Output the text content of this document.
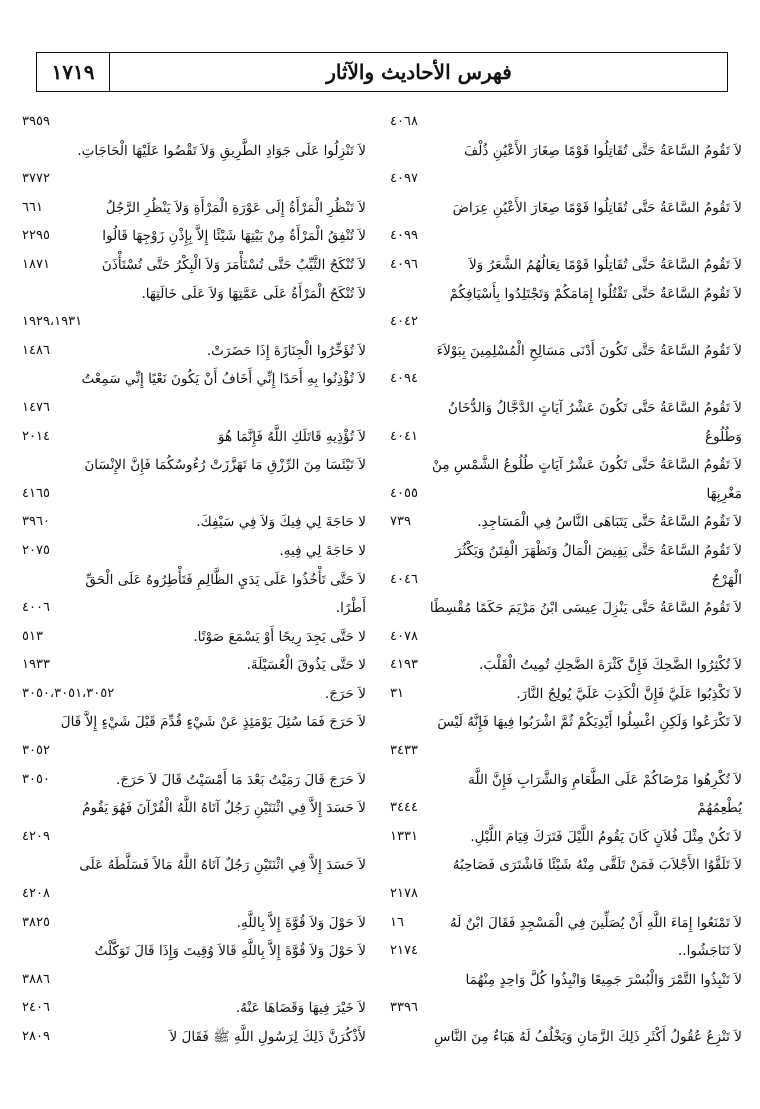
١٧١٩	فهرس الأحاديث والآثار
٤٠٦٨
لاَ تَقُومُ السَّاعَةُ حَتَّى تُقَاتِلُوا قَوْمًا صِغَارَ الأَعْيُنِ ذُلْفَ
٤٠٩٧
لاَ تَقُومُ السَّاعَةُ حَتَّى تُقَاتِلُوا قَوْمًا صِغَارَ الأَعْيُنِ عِرَاضَ
٤٠٩٩
لاَ تَقُومُ السَّاعَةُ حَتَّى تُقَاتِلُوا قَوْمًا نِعَالُهُمُ الشَّعَرُ وَلاَ
٤٠٩٦
لاَ تَقُومُ السَّاعَةُ حَتَّى تَقْتُلُوا إِمَامَكُمْ وَتَجْتَلِدُوا بِأَسْيَافِكُمْ
٤٠٤٢
لاَ تَقُومُ السَّاعَةُ حَتَّى تَكُونَ أَدْنَى مَسَالِحِ الْمُسْلِمِينَ بِبَوْلاَءَ
٤٠٩٤
لاَ تَقُومُ السَّاعَةُ حَتَّى تَكُونَ عَشْرُ آيَاتٍ الدَّجَّالُ وَالدُّخَانُ
وَطُلُوعُ
٤٠٤١
لاَ تَقُومُ السَّاعَةُ حَتَّى تَكُونَ عَشْرُ آيَاتٍ طُلُوعُ الشَّمْسِ مِنْ
مَغْرِبِهَا
٤٠٥٥
لاَ تَقُومُ السَّاعَةُ حَتَّى يَتَبَاهَى النَّاسُ فِي الْمَسَاجِدِ.
٧٣٩
لاَ تَقُومُ السَّاعَةُ حَتَّى يَفِيضَ الْمَالُ وَتَظْهَرَ الْفِتَنُ وَيَكْثُرَ
الْهَرْجُ
٤٠٤٦
لاَ تَقُومُ السَّاعَةُ حَتَّى يَنْزِلَ عِيسَى ابْنُ مَرْيَمَ حَكَمًا مُقْسِطًا
٤٠٧٨
لاَ تُكْثِرُوا الضَّحِكَ فَإِنَّ كَثْرَةَ الضَّحِكِ تُمِيتُ الْقَلْبَ.
٤١٩٣
لاَ تَكْذِبُوا عَلَيَّ فَإِنَّ الْكَذِبَ عَلَيَّ يُولِجُ النَّارَ.
٣١
لاَ تَكْرَعُوا وَلَكِنِ اغْسِلُوا أَيْدِيَكُمْ ثُمَّ اشْرَبُوا فِيهَا فَإِنَّهُ لَيْسَ
٣٤٣٣
لاَ تُكْرِهُوا مَرْضَاكُمْ عَلَى الطَّعَامِ وَالشَّرَابِ فَإِنَّ اللَّهَ
يُطْعِمُهُمْ
٣٤٤٤
لاَ تَكُنْ مِثْلَ فُلاَنٍ كَانَ يَقُومُ اللَّيْلَ فَتَرَكَ قِيَامَ اللَّيْلِ.
١٣٣١
لاَ تَلَقَّوُا الأَجْلاَبَ فَمَنْ تَلَقَّى مِنْهُ شَيْئًا فَاشْتَرَى فَصَاحِبُهُ
٢١٧٨
لاَ تَمْنَعُوا إِمَاءَ اللَّهِ أَنْ يُصَلِّينَ فِي الْمَسْجِدِ فَقَالَ ابْنٌ لَهُ
١٦
لاَ تَنَاجَشُوا..
٢١٧٤
لاَ تَنْبِذُوا التَّمْرَ وَالْبُسْرَ جَمِيعًا وَانْبِذُوا كُلَّ وَاحِدٍ مِنْهُمَا
٣٣٩٦
لاَ تَنْزِعُ عُقُولُ أَكْثَرِ ذَلِكَ الزَّمَانِ وَيَخْلُفُ لَهُ هَبَاءٌ مِنَ النَّاسِ
٣٩٥٩
لاَ تَنْزِلُوا عَلَى جَوَادِ الطَّرِيقِ وَلاَ تَقْضُوا عَلَيْهَا الْحَاجَاتِ.
٣٧٧٢
لاَ تَنْظُرِ الْمَرْأَةُ إِلَى عَوْرَةِ الْمَرْأَةِ وَلاَ يَنْظُرِ الرَّجُلُ
٦٦١
لاَ تُنْفِقُ الْمَرْأَةُ مِنْ بَيْتِهَا شَيْئًا إِلاَّ بِإِذْنِ زَوْجِهَا قَالُوا
٢٢٩٥
لاَ تُنْكَحُ الثَّيِّبُ حَتَّى تُسْتَأْمَرَ وَلاَ الْبِكْرُ حَتَّى تُسْتَأْذَنَ
١٨٧١
لاَ تُنْكَحُ الْمَرْأَةُ عَلَى عَمَّتِهَا وَلاَ عَلَى خَالَتِهَا.
١٩٢٩،١٩٣١
لاَ تُؤَخِّرُوا الْجِنَازَةَ إِذَا حَضَرَتْ.
١٤٨٦
لاَ تُؤْذِنُوا بِهِ أَحَدًا إِنِّي أَخَافُ أَنْ يَكُونَ نَعْيًا إِنِّي سَمِعْتُ
١٤٧٦
لاَ تُؤْذِيهِ قَاتَلَكِ اللَّهُ فَإِنَّمَا هُوَ
٢٠١٤
لاَ تَيْئَسَا مِنَ الرِّزْقِ مَا تَهَزَّزَتْ رُءُوسُكُمَا فَإِنَّ الإِنْسَانَ
٤١٦٥
لا حَاجَةَ لِي فِيكَ وَلاَ فِي سَيْفِكَ.
٣٩٦٠
لا حَاجَةَ لِي فِيهِ.
٢٠٧٥
لاَ حَتَّى تَأْخُذُوا عَلَى يَدَيِ الظَّالِمِ فَتَأْطِرُوهُ عَلَى الْحَقِّ
أَطْرًا.
٤٠٠٦
لا حَتَّى يَجِدَ رِيحًا أَوْ يَسْمَعَ صَوْتًا.
٥١٣
لا حَتَّى يَذُوقَ الْعُسَيْلَةَ.
١٩٣٣
لاَ حَرَجَ.
٣٠٥٠،٣٠٥١،٣٠٥٢
لاَ حَرَجَ فَمَا سُئِلَ يَوْمَئِذٍ عَنْ شَيْءٍ قُدِّمَ قَبْلَ شَيْءٍ إِلاَّ قَالَ
٣٠٥٢
لاَ حَرَجَ قَالَ رَمَيْتُ بَعْدَ مَا أَمْسَيْتُ قَالَ لاَ حَرَجَ.
٣٠٥٠
لاَ حَسَدَ إِلاَّ فِي اثْنَتَيْنِ رَجُلٌ آتَاهُ اللَّهُ الْقُرْآنَ فَهُوَ يَقُومُ
٤٢٠٩
لاَ حَسَدَ إِلاَّ فِي اثْنَتَيْنِ رَجُلٌ آتَاهُ اللَّهُ مَالاً فَسَلَّطَهُ عَلَى
٤٢٠٨
لاَ حَوْلَ وَلاَ قُوَّةَ إِلاَّ بِاللَّهِ.
٣٨٢٥
لاَ حَوْلَ وَلاَ قُوَّةَ إِلاَّ بِاللَّهِ قَالاَ وُقِيتَ وَإِذَا قَالَ تَوَكَّلْتُ
٣٨٨٦
لاَ خَيْرَ فِيهَا وَقَضَاهَا عَنْهُ.
٢٤٠٦
لأَذْكُرَنَّ ذَلِكَ لِرَسُولِ اللَّهِ ﷺ فَقَالَ لاَ
٢٨٠٩
